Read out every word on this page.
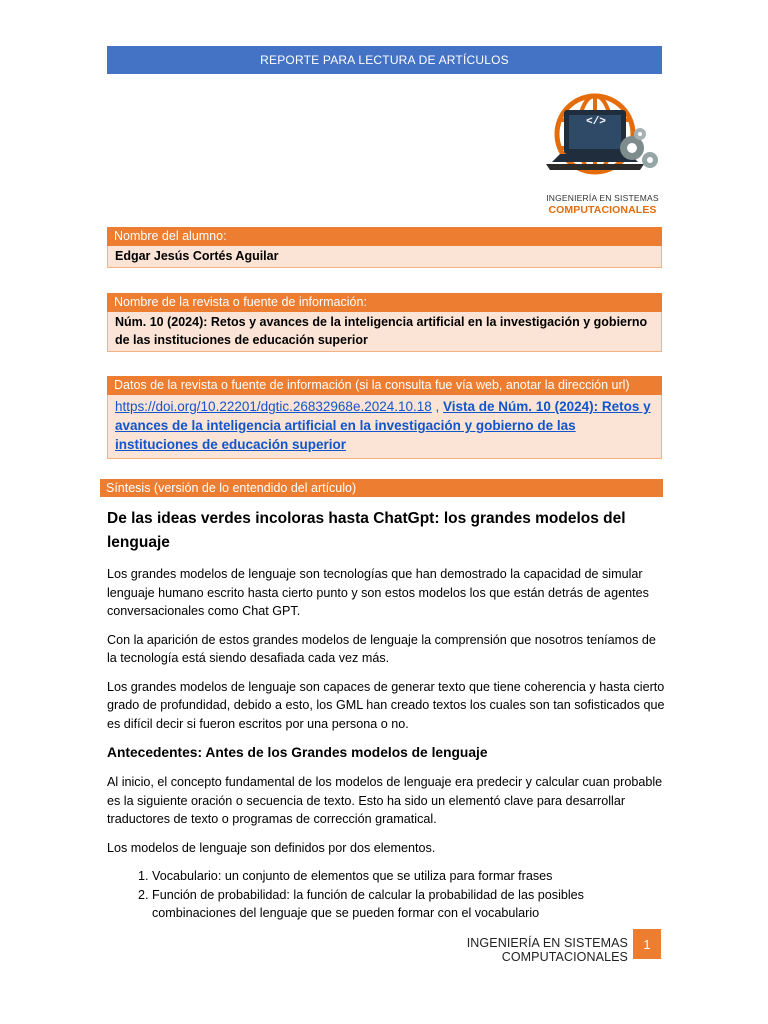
REPORTE PARA LECTURA DE ARTÍCULOS
</>
INGENIERÍA EN SISTEMAS
COMPUTACIONALES
Nombre del alumno:
Edgar Jesús Cortés Aguilar
Nombre de la revista o fuente de información:
Núm. 10 (2024): Retos y avances de la inteligencia artificial en la investigación y gobierno de las instituciones de educación superior
Datos de la revista o fuente de información (si la consulta fue vía web, anotar la dirección url)
https://doi.org/10.22201/dgtic.26832968e.2024.10.18 , Vista de Núm. 10 (2024): Retos y avances de la inteligencia artificial en la investigación y gobierno de las instituciones de educación superior
Síntesis (versión de lo entendido del artículo)
De las ideas verdes incoloras hasta ChatGpt: los grandes modelos del lenguaje
Los grandes modelos de lenguaje son tecnologías que han demostrado la capacidad de simular lenguaje humano escrito hasta cierto punto y son estos modelos los que están detrás de agentes conversacionales como Chat GPT.
Con la aparición de estos grandes modelos de lenguaje la comprensión que nosotros teníamos de la tecnología está siendo desafiada cada vez más.
Los grandes modelos de lenguaje son capaces de generar texto que tiene coherencia y hasta cierto grado de profundidad, debido a esto, los GML han creado textos los cuales son tan sofisticados que es difícil decir si fueron escritos por una persona o no.
Antecedentes: Antes de los Grandes modelos de lenguaje
Al inicio, el concepto fundamental de los modelos de lenguaje era predecir y calcular cuan probable es la siguiente oración o secuencia de texto. Esto ha sido un elementó clave para desarrollar traductores de texto o programas de corrección gramatical.
Los modelos de lenguaje son definidos por dos elementos.
1. Vocabulario: un conjunto de elementos que se utiliza para formar frases
2. Función de probabilidad: la función de calcular la probabilidad de las posibles combinaciones del lenguaje que se pueden formar con el vocabulario
INGENIERÍA EN SISTEMAS COMPUTACIONALES
1
